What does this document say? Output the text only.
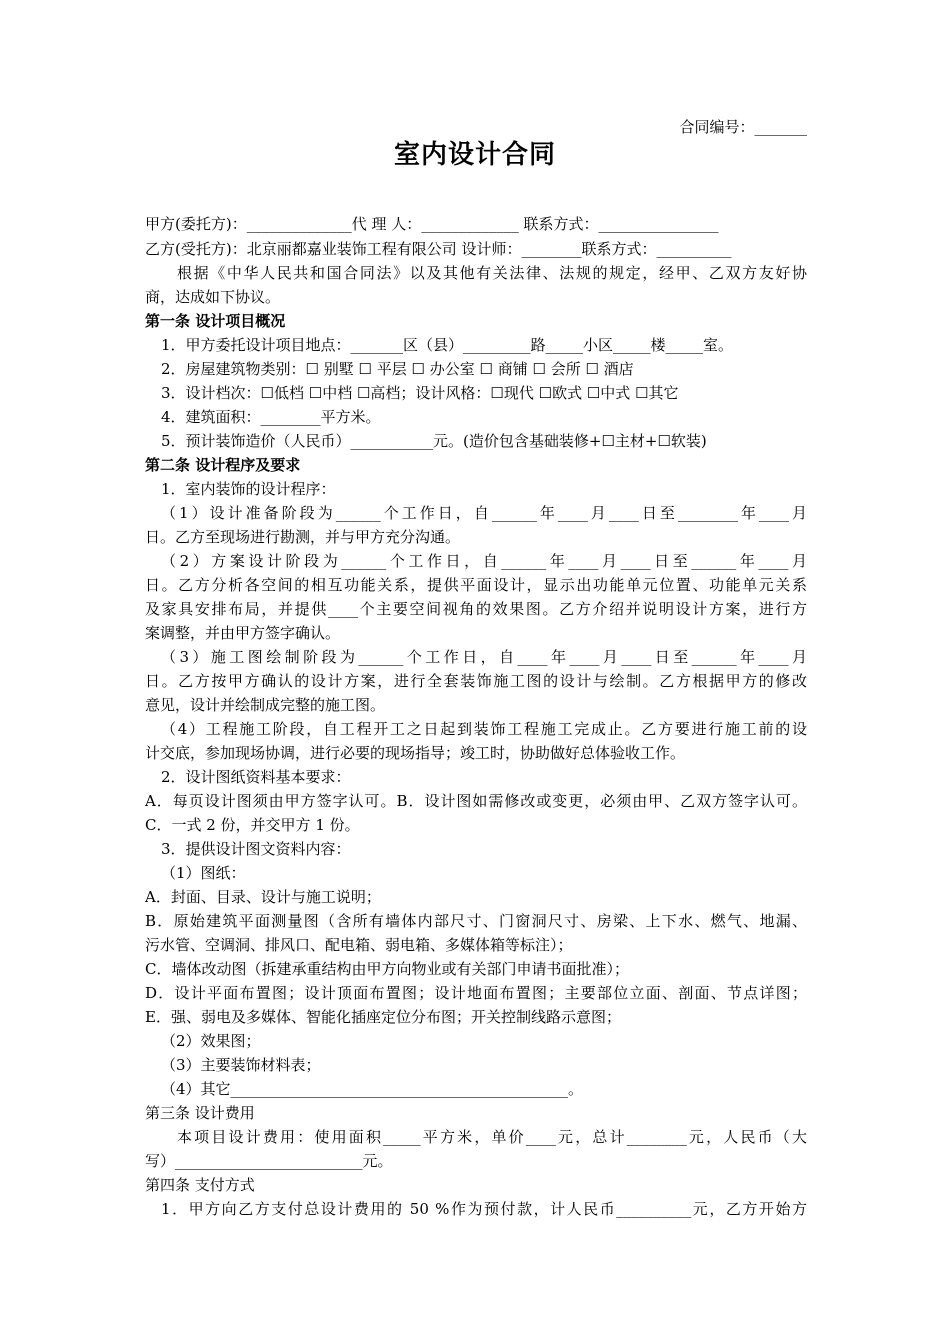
合同编号：_______
室内设计合同
甲方(委托方)：______________代 理 人：_____________ 联系方式：________________
乙方(受托方)：北京丽都嘉业装饰工程有限公司 设计师：________联系方式：__________
根据《中华人民共和国合同法》以及其他有关法律、法规的规定，经甲、乙双方友好协
商，达成如下协议。
第一条 设计项目概况
1．甲方委托设计项目地点：_______区（县）_________路_____小区_____楼_____室。
2．房屋建筑物类别：☐ 别墅 ☐ 平层 ☐ 办公室 ☐ 商铺 ☐ 会所 ☐ 酒店
3．设计档次：☐低档 ☐中档 ☐高档；设计风格：☐现代 ☐欧式 ☐中式 ☐其它
4．建筑面积：________平方米。
5．预计装饰造价（人民币）___________元。(造价包含基础装修+☐主材+☐软装)
第二条 设计程序及要求
1．室内装饰的设计程序：
（1）设计准备阶段为______个工作日，自______年____月____日至________年____月
日。乙方至现场进行勘测，并与甲方充分沟通。
（2）方案设计阶段为______个工作日，自______年____月____日至______年____月
日。乙方分析各空间的相互功能关系，提供平面设计，显示出功能单元位置、功能单元关系
及家具安排布局，并提供____个主要空间视角的效果图。乙方介绍并说明设计方案，进行方
案调整，并由甲方签字确认。
（3）施工图绘制阶段为______个工作日，自____年____月____日至______年____月
日。乙方按甲方确认的设计方案，进行全套装饰施工图的设计与绘制。乙方根据甲方的修改
意见，设计并绘制成完整的施工图。
（4）工程施工阶段，自工程开工之日起到装饰工程施工完成止。乙方要进行施工前的设
计交底，参加现场协调，进行必要的现场指导；竣工时，协助做好总体验收工作。
2．设计图纸资料基本要求：
A．每页设计图须由甲方签字认可。B．设计图如需修改或变更，必须由甲、乙双方签字认可。
C．一式 2 份，并交甲方 1 份。
3．提供设计图文资料内容：
（1）图纸：
A．封面、目录、设计与施工说明；
B．原始建筑平面测量图（含所有墙体内部尺寸、门窗洞尺寸、房梁、上下水、燃气、地漏、
污水管、空调洞、排风口、配电箱、弱电箱、多媒体箱等标注）；
C．墙体改动图（拆建承重结构由甲方向物业或有关部门申请书面批准）；
D．设计平面布置图；设计顶面布置图；设计地面布置图；主要部位立面、剖面、节点详图；
E．强、弱电及多媒体、智能化插座定位分布图；开关控制线路示意图；
（2）效果图；
（3）主要装饰材料表；
（4）其它_____________________________________________。
第三条 设计费用
本项目设计费用：使用面积_____平方米，单价____元，总计________元，人民币（大
写）_________________________元。
第四条 支付方式
1．甲方向乙方支付总设计费用的 50 %作为预付款，计人民币__________元，乙方开始方
